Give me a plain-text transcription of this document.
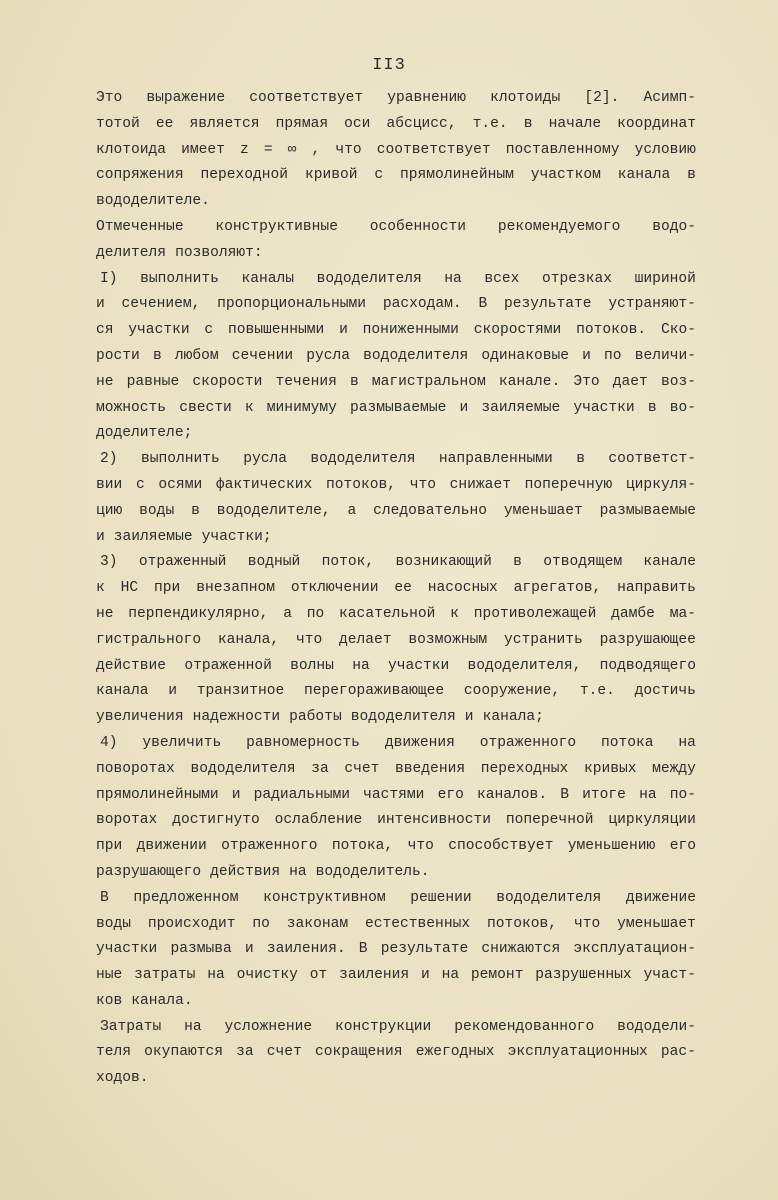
II3
Это выражение соответствует уравнению клотоиды [2]. Асимп-
тотой ее является прямая оси абсцисс, т.е. в начале координат
клотоида имеет z = ∞ , что соответствует поставленному условию
сопряжения переходной кривой с прямолинейным участком канала в
вододелителе.
Отмеченные конструктивные особенности рекомендуемого водо-
делителя позволяют:
I) выполнить каналы вододелителя на всех отрезках шириной
и сечением, пропорциональными расходам. В результате устраняют-
ся участки с повышенными и пониженными скоростями потоков. Ско-
рости в любом сечении русла вододелителя одинаковые и по величи-
не равные скорости течения в магистральном канале. Это дает воз-
можность свести к минимуму размываемые и заиляемые участки в во-
доделителе;
2) выполнить русла вододелителя направленными в соответст-
вии с осями фактических потоков, что снижает поперечную циркуля-
цию воды в вододелителе, а следовательно уменьшает размываемые
и заиляемые участки;
3) отраженный водный поток, возникающий в отводящем канале
к НС при внезапном отключении ее насосных агрегатов, направить
не перпендикулярно, а по касательной к противолежащей дамбе ма-
гистрального канала, что делает возможным устранить разрушающее
действие отраженной волны на участки вододелителя, подводящего
канала и транзитное перегораживающее сооружение, т.е. достичь
увеличения надежности работы вододелителя и канала;
4) увеличить равномерность движения отраженного потока на
поворотах вододелителя за счет введения переходных кривых между
прямолинейными и радиальными частями его каналов. В итоге на по-
воротах достигнуто ослабление интенсивности поперечной циркуляции
при движении отраженного потока, что способствует уменьшению его
разрушающего действия на вододелитель.
В предложенном конструктивном решении вододелителя движение
воды происходит по законам естественных потоков, что уменьшает
участки размыва и заиления. В результате снижаются эксплуатацион-
ные затраты на очистку от заиления и на ремонт разрушенных участ-
ков канала.
Затраты на усложнение конструкции рекомендованного вододели-
теля окупаются за счет сокращения ежегодных эксплуатационных рас-
ходов.
